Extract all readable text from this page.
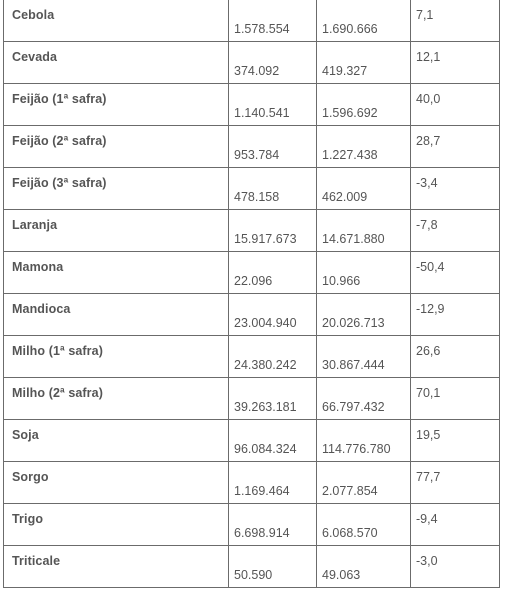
Cebola	1.578.554	1.690.666	7,1

Cevada	374.092	419.327	12,1

Feijão (1ª safra)	1.140.541	1.596.692	40,0

Feijão (2ª safra)	953.784	1.227.438	28,7

Feijão (3ª safra)	478.158	462.009	-3,4

Laranja	15.917.673	14.671.880	-7,8

Mamona	22.096	10.966	-50,4

Mandioca	23.004.940	20.026.713	-12,9

Milho (1ª safra)	24.380.242	30.867.444	26,6

Milho (2ª safra)	39.263.181	66.797.432	70,1

Soja	96.084.324	114.776.780	19,5

Sorgo	1.169.464	2.077.854	77,7

Trigo	6.698.914	6.068.570	-9,4

Triticale	50.590	49.063	-3,0
